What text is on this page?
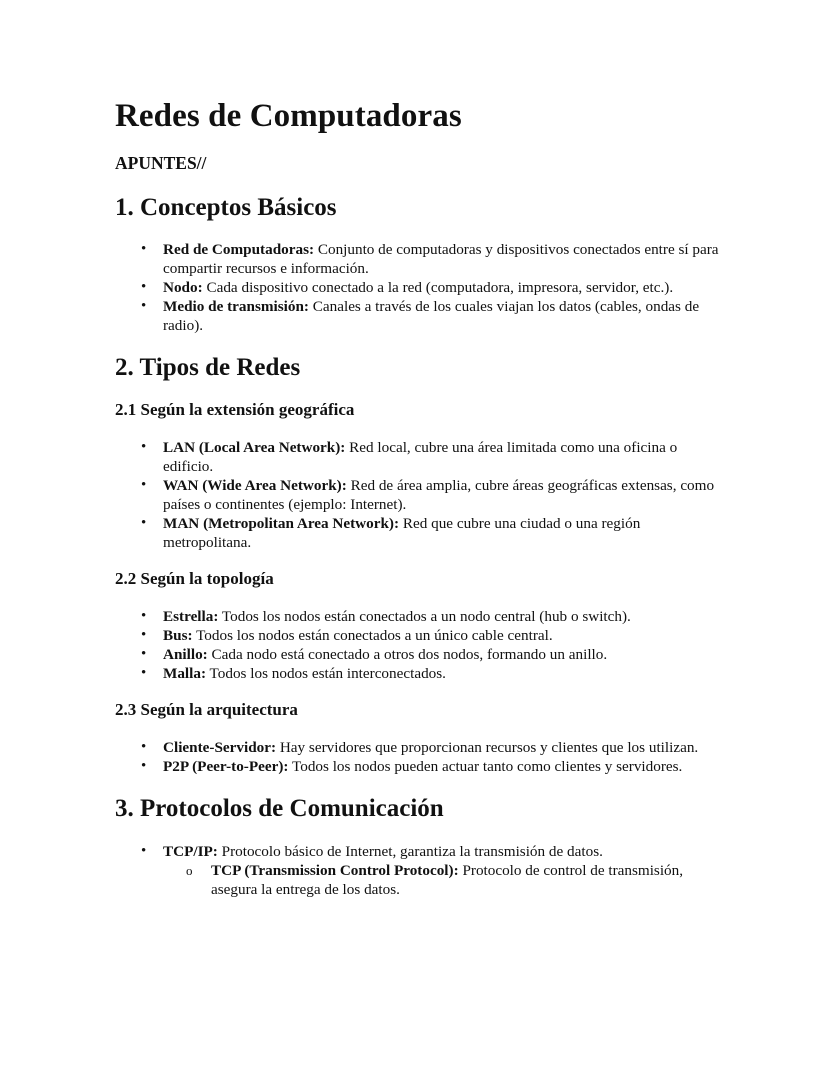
Redes de Computadoras
APUNTES//
1. Conceptos Básicos
• Red de Computadoras: Conjunto de computadoras y dispositivos conectados entre sí para compartir recursos e información.
• Nodo: Cada dispositivo conectado a la red (computadora, impresora, servidor, etc.).
• Medio de transmisión: Canales a través de los cuales viajan los datos (cables, ondas de radio).
2. Tipos de Redes
2.1 Según la extensión geográfica
• LAN (Local Area Network): Red local, cubre una área limitada como una oficina o edificio.
• WAN (Wide Area Network): Red de área amplia, cubre áreas geográficas extensas, como países o continentes (ejemplo: Internet).
• MAN (Metropolitan Area Network): Red que cubre una ciudad o una región metropolitana.
2.2 Según la topología
• Estrella: Todos los nodos están conectados a un nodo central (hub o switch).
• Bus: Todos los nodos están conectados a un único cable central.
• Anillo: Cada nodo está conectado a otros dos nodos, formando un anillo.
• Malla: Todos los nodos están interconectados.
2.3 Según la arquitectura
• Cliente-Servidor: Hay servidores que proporcionan recursos y clientes que los utilizan.
• P2P (Peer-to-Peer): Todos los nodos pueden actuar tanto como clientes y servidores.
3. Protocolos de Comunicación
• TCP/IP: Protocolo básico de Internet, garantiza la transmisión de datos.
o TCP (Transmission Control Protocol): Protocolo de control de transmisión, asegura la entrega de los datos.
